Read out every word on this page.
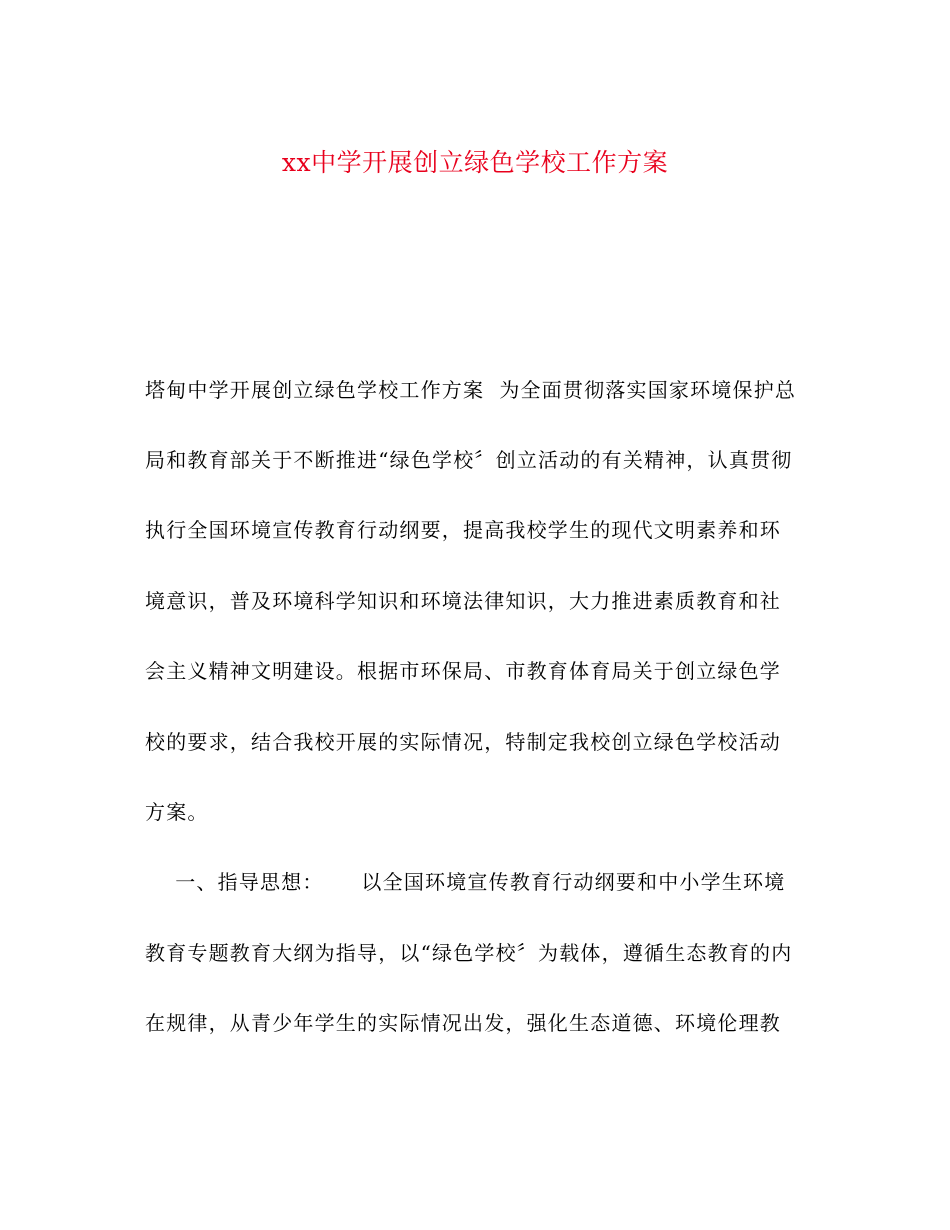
xx中学开展创立绿色学校工作方案
塔甸中学开展创立绿色学校工作方案  为全面贯彻落实国家环境保护总
局和教育部关于不断推进“绿色学校〞创立活动的有关精神，认真贯彻
执行全国环境宣传教育行动纲要，提高我校学生的现代文明素养和环
境意识，普及环境科学知识和环境法律知识，大力推进素质教育和社
会主义精神文明建设。根据市环保局、市教育体育局关于创立绿色学
校的要求，结合我校开展的实际情况，特制定我校创立绿色学校活动
方案。
一、指导思想：     以全国环境宣传教育行动纲要和中小学生环境
教育专题教育大纲为指导，以“绿色学校〞为载体，遵循生态教育的内
在规律，从青少年学生的实际情况出发，强化生态道德、环境伦理教
